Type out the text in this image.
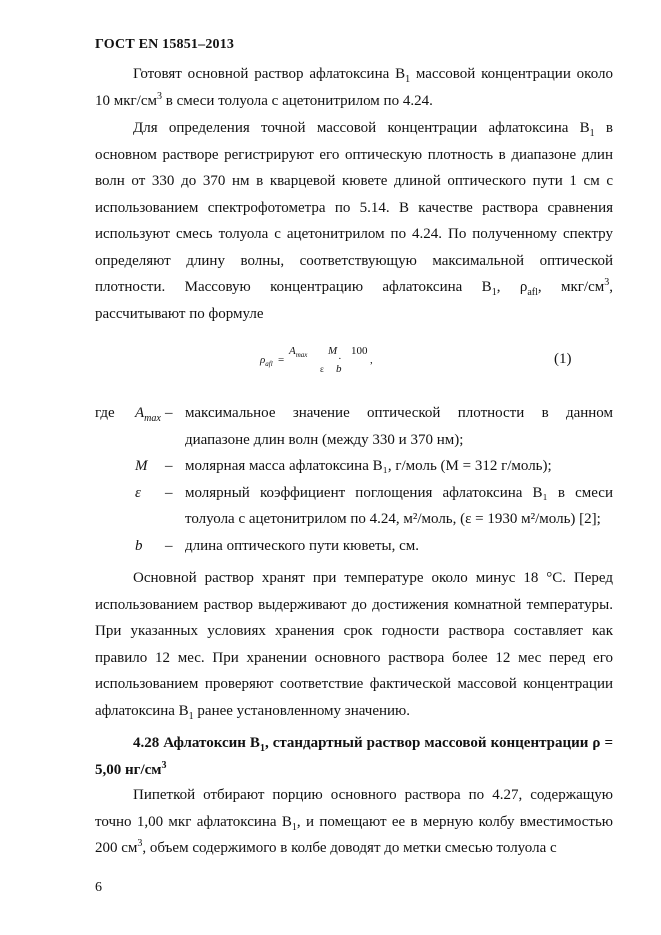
ГОСТ EN 15851–2013

Готовят основной раствор афлатоксина $B_1$ массовой концентрации около 10 мкг/$см^3$ в смеси толуола с ацетонитрилом по 4.24.

Для определения точной массовой концентрации афлатоксина $B_1$ в основном растворе регистрируют его оптическую плотность в диапазоне длин волн от 330 до 370 нм в кварцевой кювете длиной оптического пути 1 см с использованием спектрофотометра по 5.14. В качестве раствора сравнения используют смесь толуола с ацетонитрилом по 4.24. По полученному спектру определяют длину волны, соответствующую максимальной оптической плотности. Массовую концентрацию афлатоксина $B_1$, $\rho_{afl}$, мкг/$см^3$, рассчитывают по формуле

$\rho_{afl}$ =
$A_{max}$ M
·
100
ε b
,	(1)
где $A_{max}$ – максимальное значение оптической плотности в данном диапазоне длин волн (между 330 и 370 нм);
M – молярная масса афлатоксина B₁, г/моль (M = 312 г/моль);
ε – молярный коэффициент поглощения афлатоксина B₁ в смеси толуола с ацетонитрилом по 4.24, м²/моль, (ε = 1930 м²/моль) [2];
b – длина оптического пути кюветы, см.

Основной раствор хранят при температуре около минус 18 °С. Перед использованием раствор выдерживают до достижения комнатной температуры. При указанных условиях хранения срок годности раствора составляет как правило 12 мес. При хранении основного раствора более 12 мес перед его использованием проверяют соответствие фактической массовой концентрации афлатоксина $B_1$ ранее установленному значению.

4.28 Афлатоксин $B_1$, стандартный раствор массовой концентрации ρ = 5,00 $нг/см^3$

Пипеткой отбирают порцию основного раствора по 4.27, содержащую точно 1,00 мкг афлатоксина $B_1$, и помещают ее в мерную колбу вместимостью 200 $см^3$, объем содержимого в колбе доводят до метки смесью толуола с

6
